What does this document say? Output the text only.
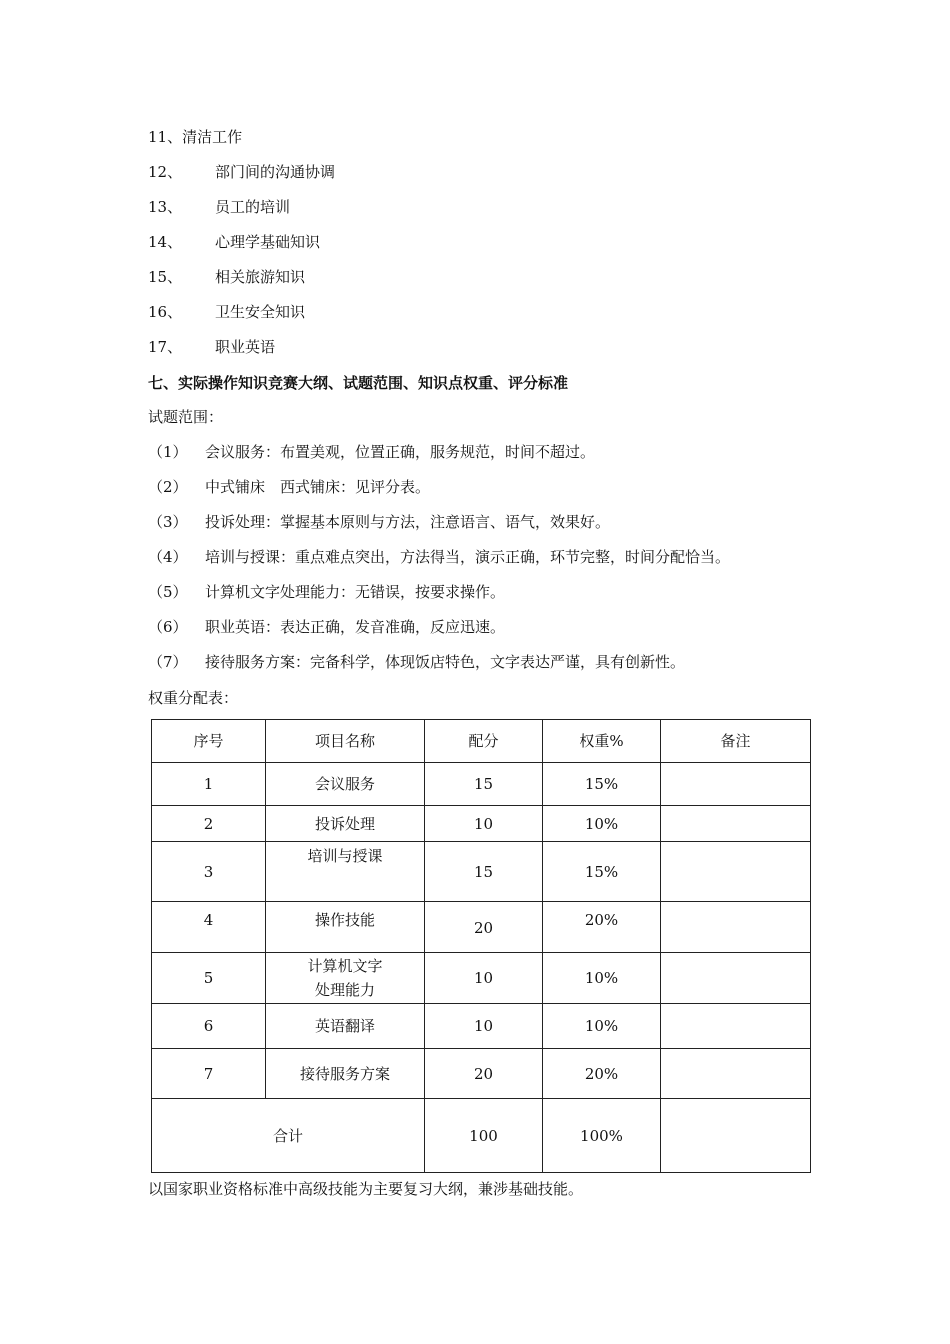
11、清洁工作
12、 部门间的沟通协调
13、 员工的培训
14、 心理学基础知识
15、 相关旅游知识
16、 卫生安全知识
17、 职业英语
七、实际操作知识竞赛大纲、试题范围、知识点权重、评分标准
试题范围：
（1） 会议服务：布置美观，位置正确，服务规范，时间不超过。
（2） 中式铺床　西式铺床：见评分表。
（3） 投诉处理：掌握基本原则与方法，注意语言、语气，效果好。
（4） 培训与授课：重点难点突出，方法得当，演示正确，环节完整，时间分配恰当。
（5） 计算机文字处理能力：无错误，按要求操作。
（6） 职业英语：表达正确，发音准确，反应迅速。
（7） 接待服务方案：完备科学，体现饭店特色，文字表达严谨，具有创新性。
权重分配表：
序号	项目名称	配分	权重%	备注
1	会议服务	15	15%	
2	投诉处理	10	10%	
3	培训与授课	15	15%	
4	操作技能	20	20%	
5	计算机文字
处理能力	10	10%	
6	英语翻译	10	10%	
7	接待服务方案	20	20%	
合计		100	100%	
以国家职业资格标准中高级技能为主要复习大纲，兼涉基础技能。
